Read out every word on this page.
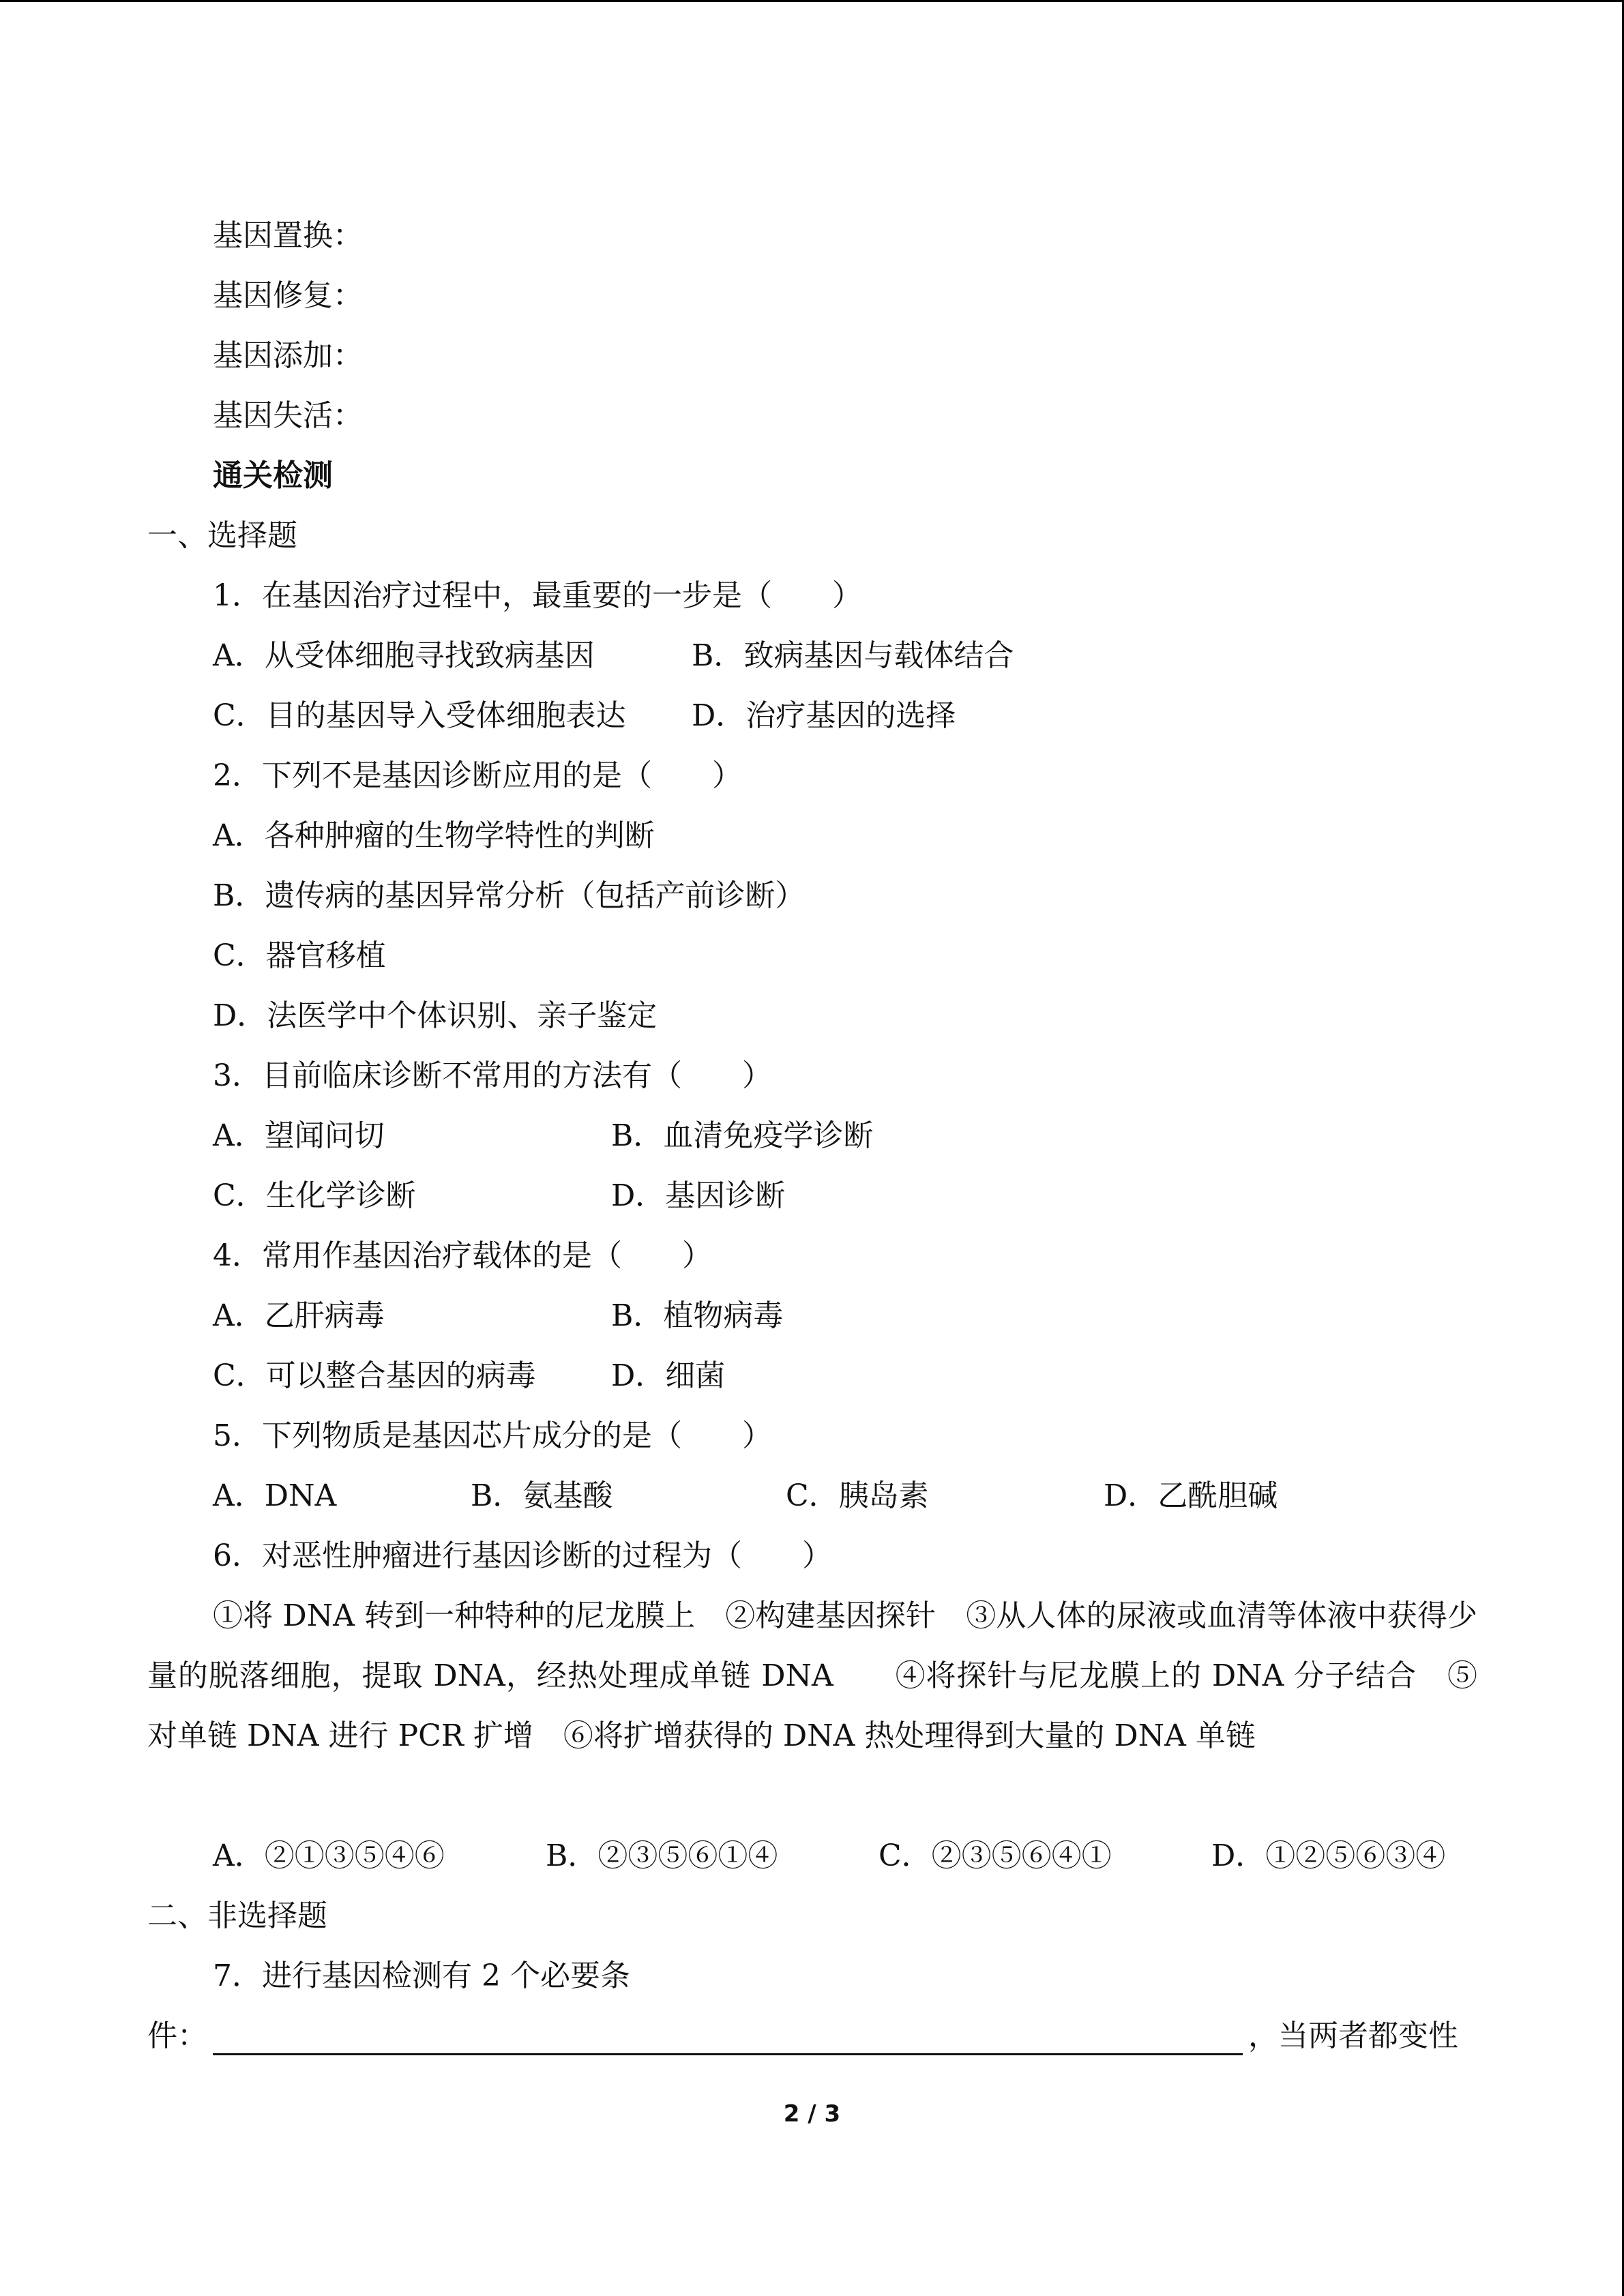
基因置换：
基因修复：
基因添加：
基因失活：
通关检测
一、选择题
1．在基因治疗过程中，最重要的一步是（　　）
A．从受体细胞寻找致病基因	B．致病基因与载体结合
C．目的基因导入受体细胞表达 D．治疗基因的选择
2．下列不是基因诊断应用的是（　　）
A．各种肿瘤的生物学特性的判断
B．遗传病的基因异常分析（包括产前诊断）
C．器官移植
D．法医学中个体识别、亲子鉴定
3．目前临床诊断不常用的方法有（　　）
A．望闻问切	B．血清免疫学诊断
C．生化学诊断	D．基因诊断
4．常用作基因治疗载体的是（　　）
A．乙肝病毒	B．植物病毒
C．可以整合基因的病毒	D．细菌
5．下列物质是基因芯片成分的是（　　）
A．DNA	B．氨基酸	C．胰岛素	D．乙酰胆碱
6．对恶性肿瘤进行基因诊断的过程为（　　）
①将 DNA 转到一种特种的尼龙膜上　②构建基因探针　③从人体的尿液或血清等体液中获得少量的脱落细胞，提取 DNA，经热处理成单链 DNA　　④将探针与尼龙膜上的 DNA 分子结合　⑤对单链 DNA 进行 PCR 扩增　⑥将扩增获得的 DNA 热处理得到大量的 DNA 单链
A．②①③⑤④⑥	B．②③⑤⑥①④	C．②③⑤⑥④①	D．①②⑤⑥③④
二、非选择题
7．进行基因检测有 2 个必要条
件：	，当两者都变性
2 / 3
